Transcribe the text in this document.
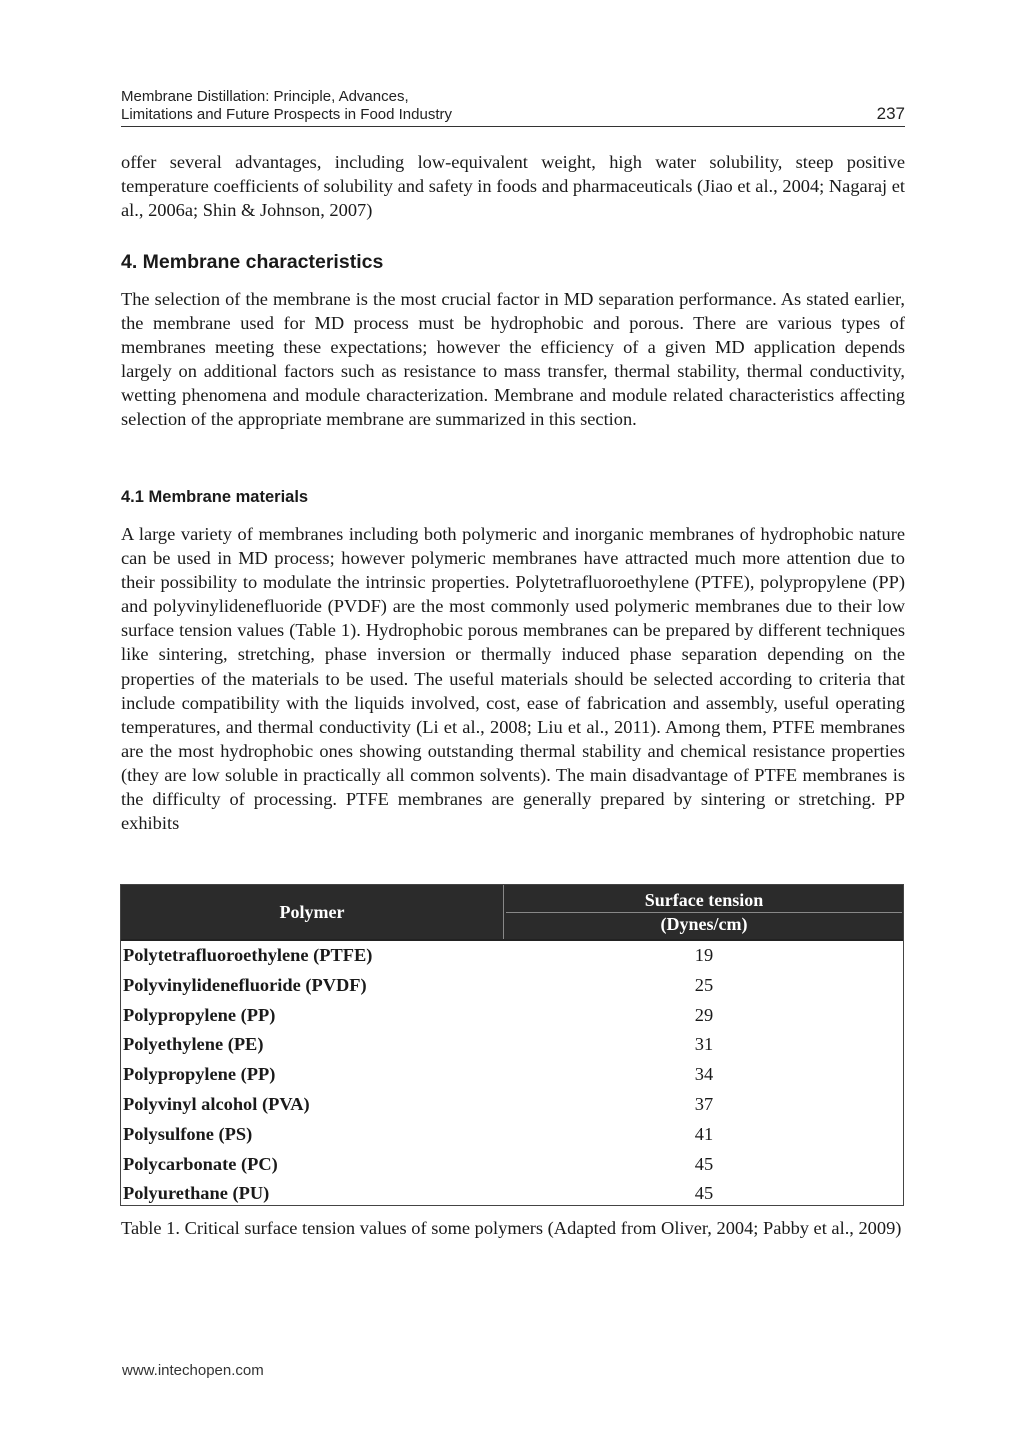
Membrane Distillation: Principle, Advances,
Limitations and Future Prospects in Food Industry	237

offer several advantages, including low-equivalent weight, high water solubility, steep positive temperature coefficients of solubility and safety in foods and pharmaceuticals (Jiao et al., 2004; Nagaraj et al., 2006a; Shin & Johnson, 2007)

4. Membrane characteristics

The selection of the membrane is the most crucial factor in MD separation performance. As stated earlier, the membrane used for MD process must be hydrophobic and porous. There are various types of membranes meeting these expectations; however the efficiency of a given MD application depends largely on additional factors such as resistance to mass transfer, thermal stability, thermal conductivity, wetting phenomena and module characterization. Membrane and module related characteristics affecting selection of the appropriate membrane are summarized in this section.

4.1 Membrane materials

A large variety of membranes including both polymeric and inorganic membranes of hydrophobic nature can be used in MD process; however polymeric membranes have attracted much more attention due to their possibility to modulate the intrinsic properties. Polytetrafluoroethylene (PTFE), polypropylene (PP) and polyvinylidenefluoride (PVDF) are the most commonly used polymeric membranes due to their low surface tension values (Table 1). Hydrophobic porous membranes can be prepared by different techniques like sintering, stretching, phase inversion or thermally induced phase separation depending on the properties of the materials to be used. The useful materials should be selected according to criteria that include compatibility with the liquids involved, cost, ease of fabrication and assembly, useful operating temperatures, and thermal conductivity (Li et al., 2008; Liu et al., 2011). Among them, PTFE membranes are the most hydrophobic ones showing outstanding thermal stability and chemical resistance properties (they are low soluble in practically all common solvents). The main disadvantage of PTFE membranes is the difficulty of processing. PTFE membranes are generally prepared by sintering or stretching. PP exhibits

Polymer
Surface tension
(Dynes/cm)
Polytetrafluoroethylene (PTFE)	19
Polyvinylidenefluoride (PVDF)	25
Polypropylene (PP)	29
Polyethylene (PE)	31
Polypropylene (PP)	34
Polyvinyl alcohol (PVA)	37
Polysulfone (PS)	41
Polycarbonate (PC)	45
Polyurethane (PU)	45

Table 1. Critical surface tension values of some polymers (Adapted from Oliver, 2004; Pabby et al., 2009)

www.intechopen.com
